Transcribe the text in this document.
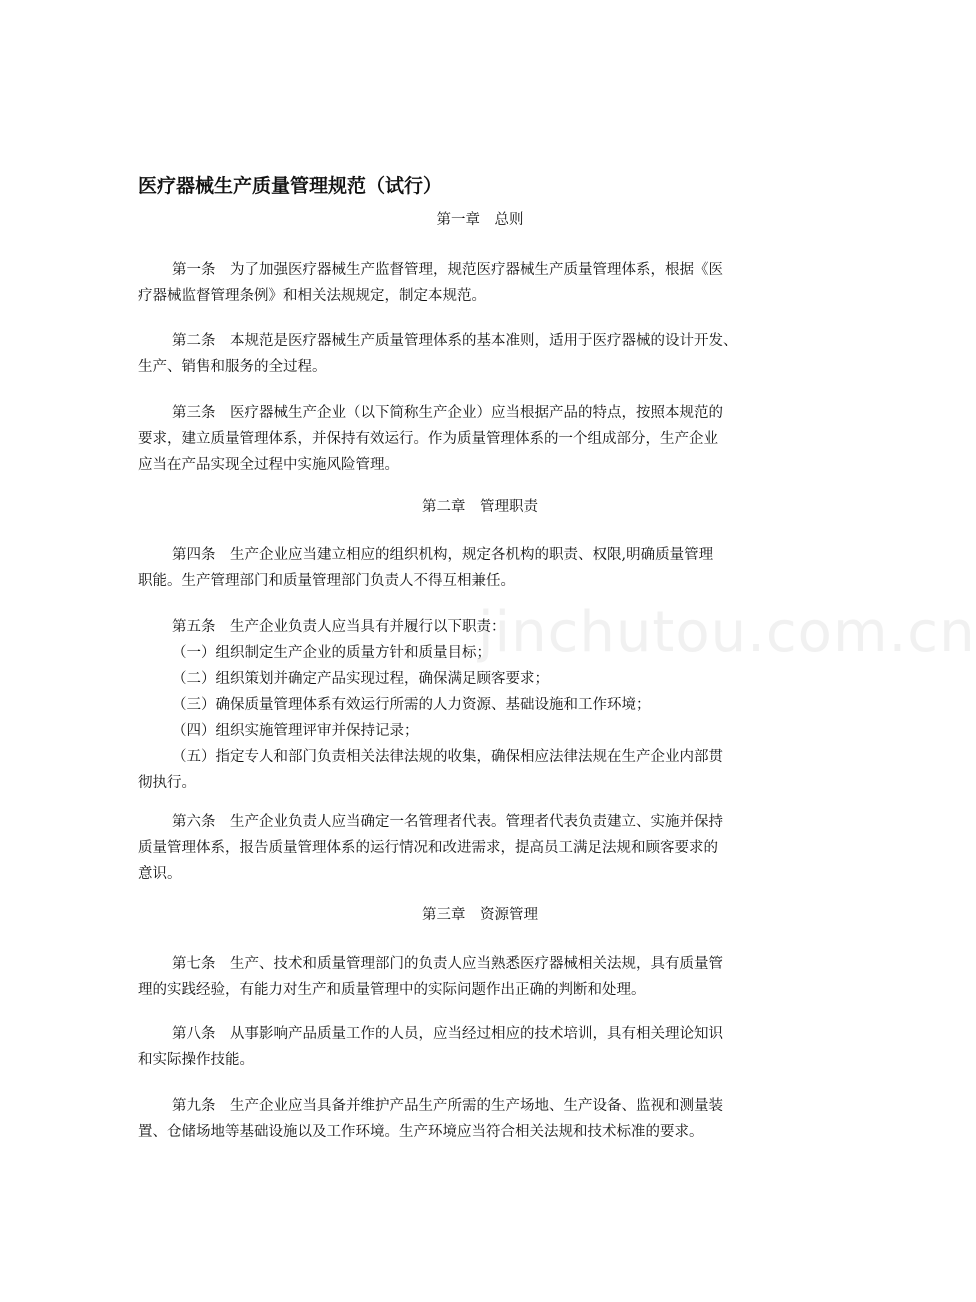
jinchutou.com.cn
医疗器械生产质量管理规范（试行）

第一章　总则

第一条　为了加强医疗器械生产监督管理，规范医疗器械生产质量管理体系，根据《医
疗器械监督管理条例》和相关法规规定，制定本规范。
第二条　本规范是医疗器械生产质量管理体系的基本准则，适用于医疗器械的设计开发、
生产、销售和服务的全过程。
第三条　医疗器械生产企业（以下简称生产企业）应当根据产品的特点，按照本规范的
要求，建立质量管理体系，并保持有效运行。作为质量管理体系的一个组成部分，生产企业
应当在产品实现全过程中实施风险管理。

第二章　管理职责

第四条　生产企业应当建立相应的组织机构，规定各机构的职责、权限,明确质量管理
职能。生产管理部门和质量管理部门负责人不得互相兼任。
第五条　生产企业负责人应当具有并履行以下职责：
（一）组织制定生产企业的质量方针和质量目标；
（二）组织策划并确定产品实现过程，确保满足顾客要求；
（三）确保质量管理体系有效运行所需的人力资源、基础设施和工作环境；
（四）组织实施管理评审并保持记录；
（五）指定专人和部门负责相关法律法规的收集，确保相应法律法规在生产企业内部贯
彻执行。
第六条　生产企业负责人应当确定一名管理者代表。管理者代表负责建立、实施并保持
质量管理体系，报告质量管理体系的运行情况和改进需求，提高员工满足法规和顾客要求的
意识。

第三章　资源管理

第七条　生产、技术和质量管理部门的负责人应当熟悉医疗器械相关法规，具有质量管
理的实践经验，有能力对生产和质量管理中的实际问题作出正确的判断和处理。
第八条　从事影响产品质量工作的人员，应当经过相应的技术培训，具有相关理论知识
和实际操作技能。
第九条　生产企业应当具备并维护产品生产所需的生产场地、生产设备、监视和测量装
置、仓储场地等基础设施以及工作环境。生产环境应当符合相关法规和技术标准的要求。
